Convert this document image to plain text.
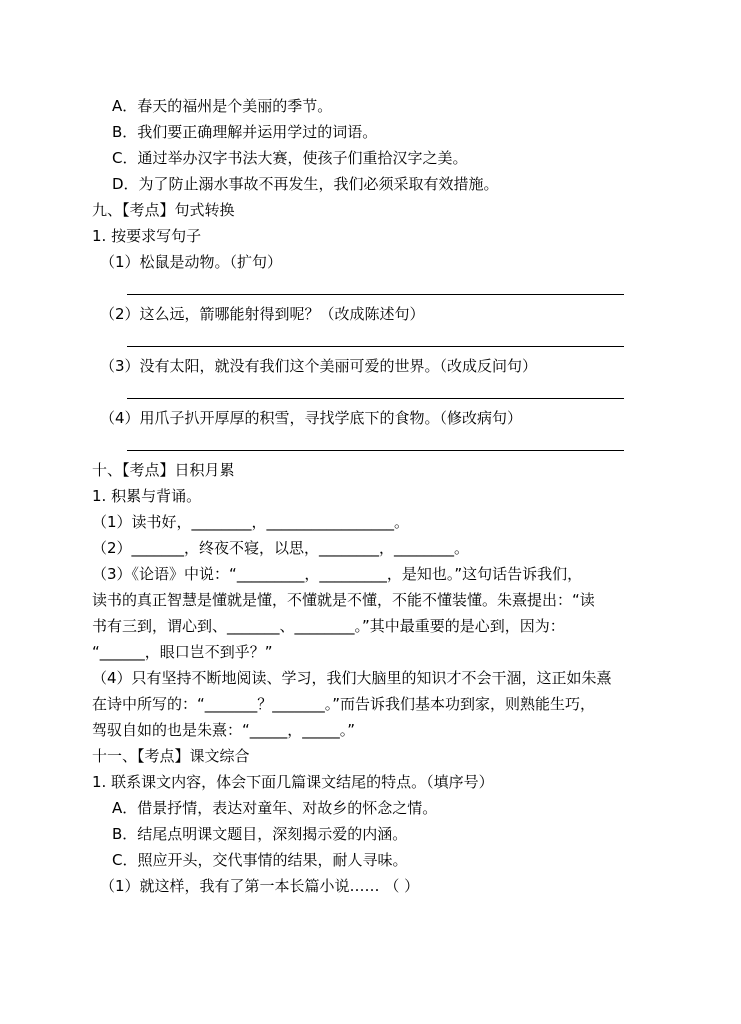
A．春天的福州是个美丽的季节。
B．我们要正确理解并运用学过的词语。
C．通过举办汉字书法大赛，使孩子们重拾汉字之美。
D．为了防止溺水事故不再发生，我们必须采取有效措施。
九、【考点】句式转换
1. 按要求写句子
（1）松鼠是动物。（扩句）
（2）这么远，箭哪能射得到呢？（改成陈述句）
（3）没有太阳，就没有我们这个美丽可爱的世界。（改成反问句）
（4）用爪子扒开厚厚的积雪，寻找学底下的食物。（修改病句）
十、【考点】日积月累
1. 积累与背诵。
（1）读书好，________，_________________。
（2）_______，终夜不寝，以思，________，________。
（3）《论语》中说：“_________，_________，是知也。”这句话告诉我们，
读书的真正智慧是懂就是懂，不懂就是不懂，不能不懂装懂。朱熹提出：“读
书有三到，谓心到、_______、________。”其中最重要的是心到，因为：
“______，眼口岂不到乎？”
（4）只有坚持不断地阅读、学习，我们大脑里的知识才不会干涸，这正如朱熹
在诗中所写的：“_______？_______。”而告诉我们基本功到家，则熟能生巧，
驾驭自如的也是朱熹：“_____，_____。”
十一、【考点】课文综合
1. 联系课文内容，体会下面几篇课文结尾的特点。（填序号）
A．借景抒情，表达对童年、对故乡的怀念之情。
B．结尾点明课文题目，深刻揭示爱的内涵。
C．照应开头，交代事情的结果，耐人寻味。
（1）就这样，我有了第一本长篇小说…… （ ）
